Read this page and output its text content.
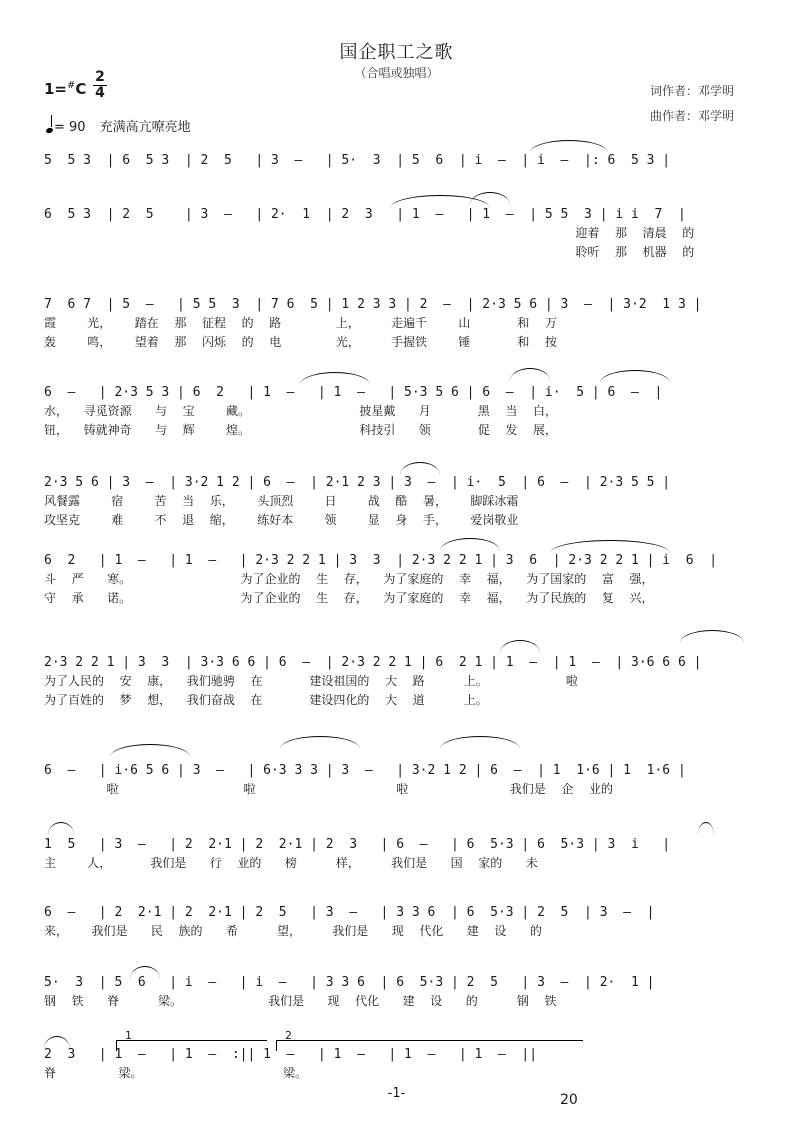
国企职工之歌
（合唱或独唱）
词作者：邓学明
曲作者：邓学明
1=#C
2
4
= 90 充满高亢嘹亮地
5  5 3  | 6  5 3  | 2  5   | 3  –   | 5·  3  | 5  6  | i  –  | i  –  |: 6  5 3 |
6  5 3  | 2  5    | 3  –   | 2·  1  | 2  3   | 1  –   | 1  –  | 5 5  3 | i i  7  |
迎着  那  清晨  的
聆听  那  机器  的
7  6 7  | 5  –   | 5 5  3  | 7 6  5 | 1 2 3 3 | 2  –  | 2·3 5 6 | 3  –  | 3·2  1 3 |
霞    光，   踏在  那  征程  的  路       上，    走遍千    山      和  万
轰    鸣，   望着  那  闪烁  的  电       光，    手握铁    锤      和  按
6  –   | 2·3 5 3 | 6  2   | 1  –   | 1  –   | 5·3 5 6 | 6  –  | i·  5 | 6  –  |
水，  寻觅资源   与  宝    藏。              披星戴   月      黑  当  白，
钮，  铸就神奇   与  辉    煌。              科技引   领      促  发  展，
2·3 5 6 | 3  –  | 3·2 1 2 | 6  –  | 2·1 2 3 | 3  –  | i·  5  | 6  –  | 2·3 5 5 |
风餐露    宿    苦  当  乐，   头顶烈    日    战  酷  暑，   脚踩冰霜
攻坚克    难    不  退  缩，   练好本    领    显  身  手，   爱岗敬业
6  2   | 1  –   | 1  –   | 2·3 2 2 1 | 3  3  | 2·3 2 2 1 | 3  6  | 2·3 2 2 1 | i  6  |
斗  严   寒。              为了企业的  生  存，  为了家庭的  幸  福，  为了国家的  富  强，
守  承   诺。              为了企业的  生  存，  为了家庭的  幸  福，  为了民族的  复  兴，
2·3 2 2 1 | 3  3  | 3·3 6 6 | 6  –  | 2·3 2 2 1 | 6  2 1 | 1  –  | 1  –  | 3·6 6 6 |
为了人民的  安  康，  我们驰骋  在      建设祖国的  大  路     上。          啦
为了百姓的  梦  想，  我们奋战  在      建设四化的  大  道     上。
6  –   | i·6 5 6 | 3  –   | 6·3 3 3 | 3  –   | 3·2 1 2 | 6  –  | 1  1·6 | 1  1·6 |
啦                啦                  啦             我们是  企  业的
1  5   | 3  –   | 2  2·1 | 2  2·1 | 2  3   | 6  –   | 6  5·3 | 6  5·3 | 3  i   |
主    人，     我们是   行  业的   榜     样，    我们是   国  家的   未
6  –   | 2  2·1 | 2  2·1 | 2  5   | 3  –   | 3 3 6  | 6  5·3 | 2  5  | 3  –  |
来，   我们是   民  族的   希     望，    我们是   现  代化   建  设   的
5·  3  | 5  6   | i  –   | i  –   | 3 3 6  | 6  5·3 | 2  5   | 3  –  | 2·  1 |
钢  铁   脊     梁。           我们是   现  代化   建  设   的     钢  铁
2  3   | 1  –   | 1  –  :|| 1  –   | 1  –   | 1  –   | 1  –  ||
脊        梁。                  梁。
-1-	20
1	2
